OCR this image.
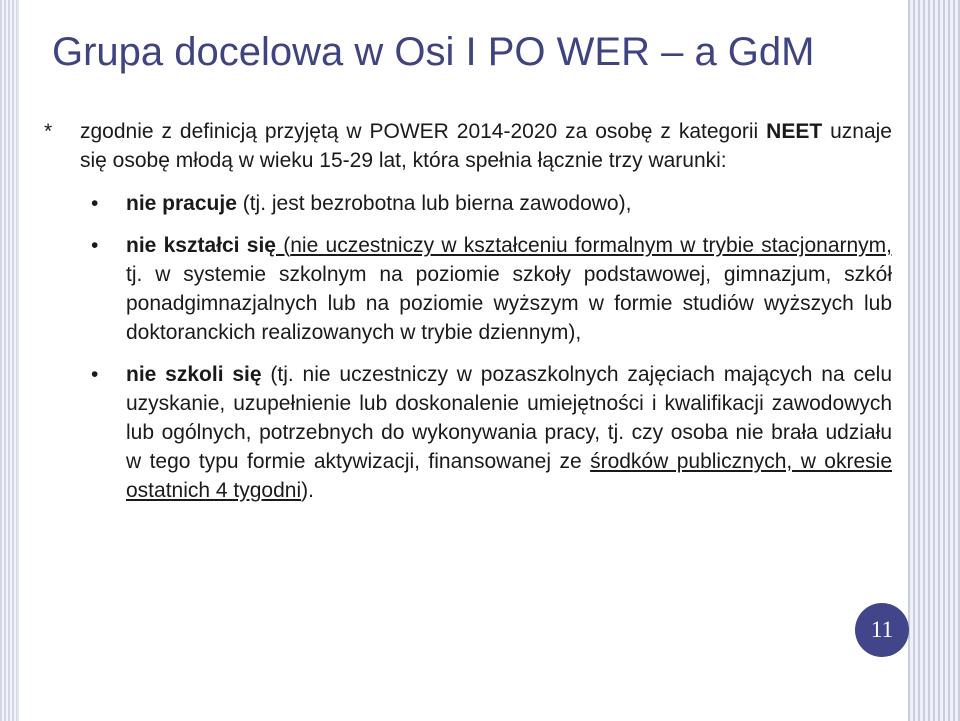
Grupa docelowa w Osi I PO WER – a GdM

* zgodnie z definicją przyjętą w POWER 2014-2020 za osobę z kategorii NEET uznaje się osobę młodą w wieku 15-29 lat, która spełnia łącznie trzy warunki:

• nie pracuje (tj. jest bezrobotna lub bierna zawodowo),
• nie kształci się (nie uczestniczy w kształceniu formalnym w trybie stacjonarnym, tj. w systemie szkolnym na poziomie szkoły podstawowej, gimnazjum, szkół ponadgimnazjalnych lub na poziomie wyższym w formie studiów wyższych lub doktoranckich realizowanych w trybie dziennym),
• nie szkoli się (tj. nie uczestniczy w pozaszkolnych zajęciach mających na celu uzyskanie, uzupełnienie lub doskonalenie umiejętności i kwalifikacji zawodowych lub ogólnych, potrzebnych do wykonywania pracy, tj. czy osoba nie brała udziału w tego typu formie aktywizacji, finansowanej ze środków publicznych, w okresie ostatnich 4 tygodni).
11
